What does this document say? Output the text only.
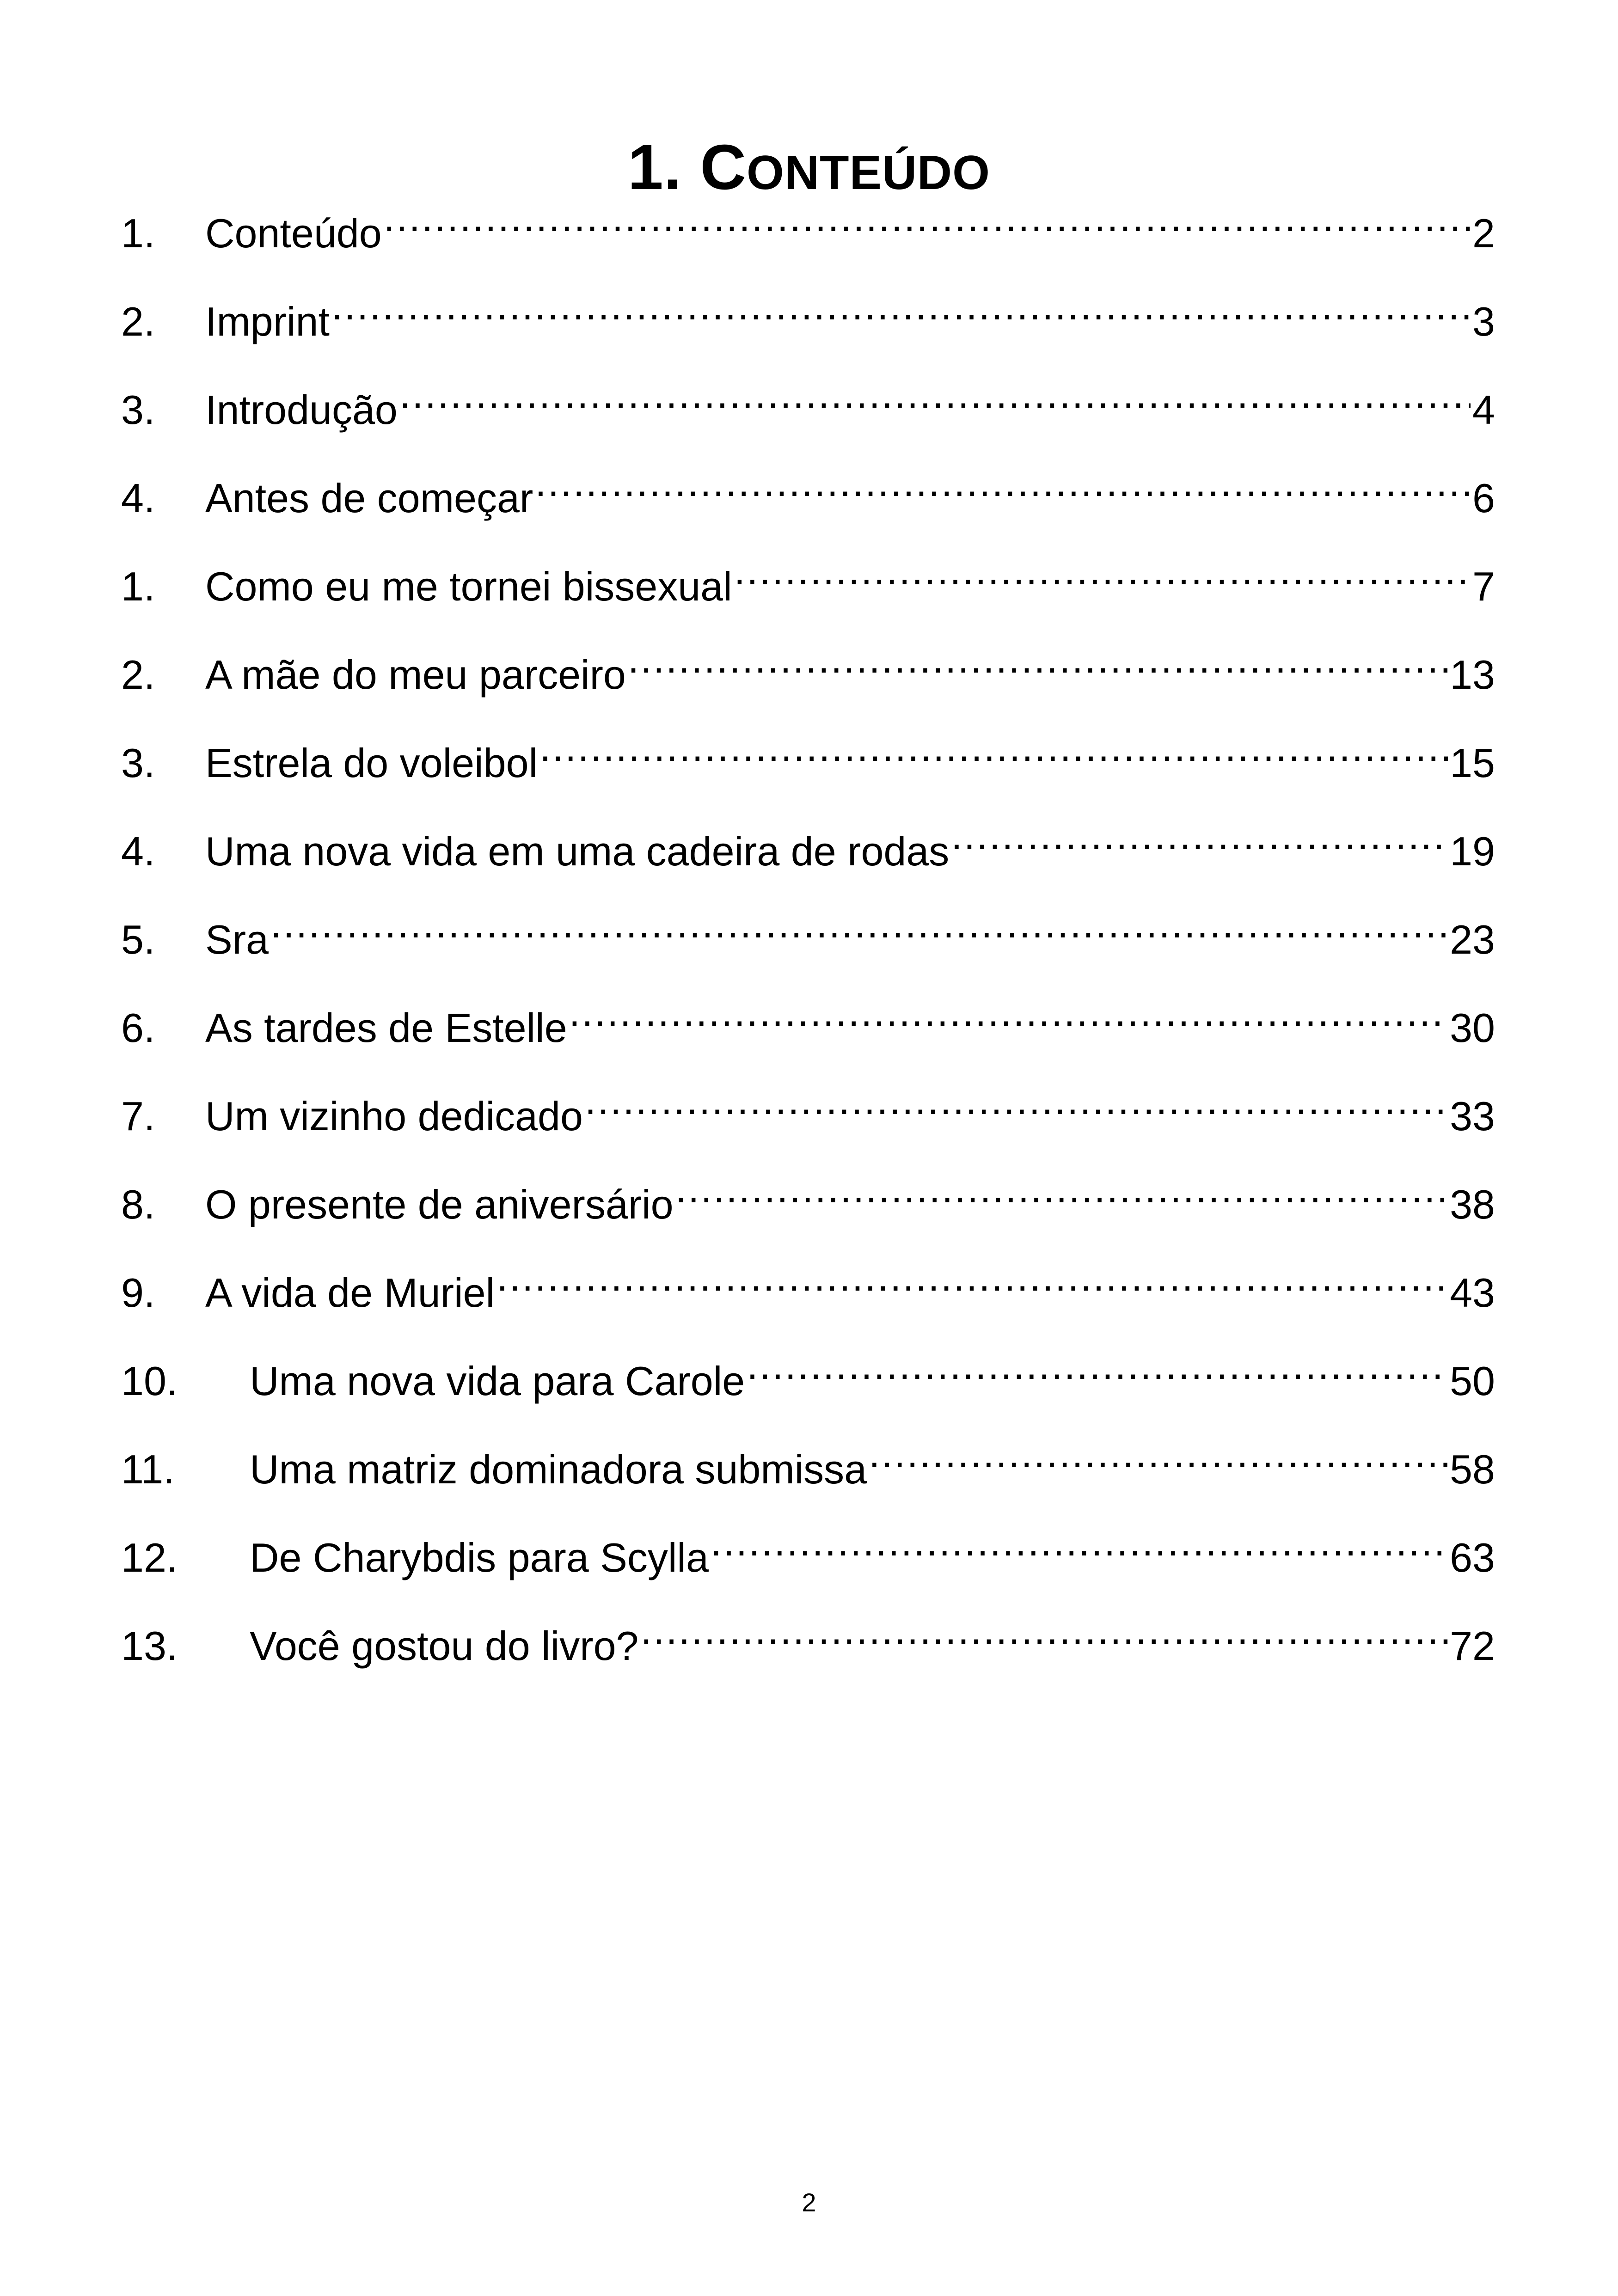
1. CONTEÚDO
1.	Conteúdo .....	2
2.	Imprint .....	3
3.	Introdução .....	4
4.	Antes de começar .....	6
1.	Como eu me tornei bissexual .....	7
2.	A mãe do meu parceiro .....	13
3.	Estrela do voleibol .....	15
4.	Uma nova vida em uma cadeira de rodas .....	19
5.	Sra .....	23
6.	As tardes de Estelle .....	30
7.	Um vizinho dedicado .....	33
8.	O presente de aniversário .....	38
9.	A vida de Muriel .....	43
10.	Uma nova vida para Carole .....	50
11.	Uma matriz dominadora submissa .....	58
12.	De Charybdis para Scylla .....	63
13.	Você gostou do livro? .....	72
2
